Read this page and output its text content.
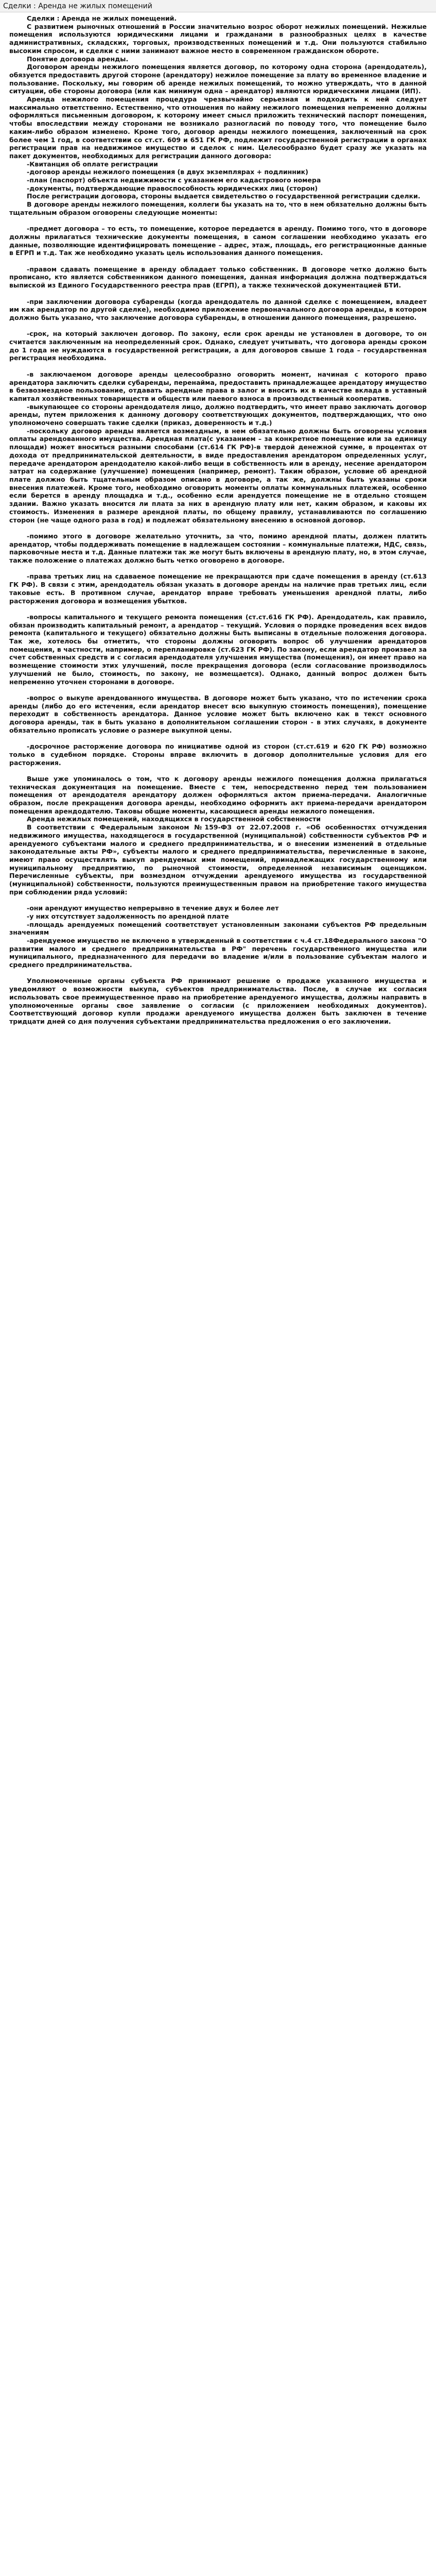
Сделки : Аренда не жилых помещений

Сделки : Аренда не жилых помещений.

С развитием рыночных отношений в России значительно возрос оборот нежилых помещений. Нежилые помещения используются юридическими лицами и гражданами в разнообразных целях в качестве административных, складских, торговых, производственных помещений и т.д. Они пользуются стабильно высоким спросом, и сделки с ними занимают важное место в современном гражданском обороте.

Понятие договора аренды.

Договором аренды нежилого помещения является договор, по которому одна сторона (арендодатель), обязуется предоставить другой стороне (арендатору) нежилое помещение за плату во временное владение и пользование. Поскольку, мы говорим об аренде нежилых помещений, то можно утверждать, что в данной ситуации, обе стороны договора (или как минимум одна – арендатор) являются юридическими лицами (ИП).

Аренда нежилого помещения процедура чрезвычайно серьезная и подходить к ней следует максимально ответственно. Естественно, что отношения по найму нежилого помещения непременно должны оформляться письменным договором, к которому имеет смысл приложить технический паспорт помещения, чтобы впоследствии между сторонами не возникало разногласий по поводу того, что помещение было каким-либо образом изменено. Кроме того, договор аренды нежилого помещения, заключенный на срок более чем 1 год, в соответствии со ст.ст. 609 и 651 ГК РФ, подлежит государственной регистрации в органах регистрации прав на недвижимое имущество и сделок с ним. Целесообразно будет сразу же указать на пакет документов, необходимых для регистрации данного договора:

-Квитанция об оплате регистрации

-договор аренды нежилого помещения (в двух экземплярах + подлинник)

-план (паспорт) объекта недвижимости с указанием его кадастрового номера

-документы, подтверждающие правоспособность юридических лиц (сторон)

После регистрации договора, стороны выдается свидетельство о государственной регистрации сделки.

В договоре аренды нежилого помещения, коллеги бы указать на то, что в нем обязательно должны быть тщательным образом оговорены следующие моменты:

-предмет договора – то есть, то помещение, которое передается в аренду. Помимо того, что в договоре должны прилагаться технические документы помещения, в самом соглашении необходимо указать его данные, позволяющие идентифицировать помещение – адрес, этаж, площадь, его регистрационные данные в ЕГРП и т.д. Так же необходимо указать цель использования данного помещения.

-правом сдавать помещение в аренду обладает только собственник. В договоре четко должно быть прописано, кто является собственником данного помещения, данная информация должна подтверждаться выпиской из Единого Государственного реестра прав (ЕГРП), а также технической документацией БТИ.

-при заключении договора субаренды (когда арендодатель по данной сделке с помещением, владеет им как арендатор по другой сделке), необходимо приложение первоначального договора аренды, в котором должно быть указано, что заключение договора субаренды, в отношении данного помещения, разрешено.

-срок, на который заключен договор. По закону, если срок аренды не установлен в договоре, то он считается заключенным на неопределенный срок. Однако, следует учитывать, что договора аренды сроком до 1 года не нуждаются в государственной регистрации, а для договоров свыше 1 года – государственная регистрация необходима.

-в заключаемом договоре аренды целесообразно оговорить момент, начиная с которого право арендатора заключить сделки субаренды, перенайма, предоставить принадлежащее арендатору имущество в безвозмездное пользование, отдавать арендные права в залог и вносить их в качестве вклада в уставный капитал хозяйственных товариществ и обществ или паевого взноса в производственный кооператив.

-выкупающее со стороны арендодателя лицо, должно подтвердить, что имеет право заключать договор аренды, путем приложения к данному договору соответствующих документов, подтверждающих, что оно уполномочено совершать такие сделки (приказ, доверенность и т.д.)

-поскольку договор аренды является возмездным, в нем обязательно должны быть оговорены условия оплаты арендованного имущества. Арендная плата(с указанием – за конкретное помещение или за единицу площади) может вноситься разными способами (ст.614 ГК РФ)-в твердой денежной сумме, в процентах от дохода от предпринимательской деятельности, в виде предоставления арендатором определенных услуг, передаче арендатором арендодателю какой-либо вещи в собственность или в аренду, несение арендатором затрат на содержание (улучшение) помещения (например, ремонт). Таким образом, условие об арендной плате должно быть тщательным образом описано в договоре, а так же, должны быть указаны сроки внесения платежей. Кроме того, необходимо оговорить моменты оплаты коммунальных платежей, особенно если берется в аренду площадка и т.д., особенно если арендуется помещение не в отдельно стоящем здании. Важно указать вносится ли плата за них в арендную плату или нет, каким образом, и каковы их стоимость. Изменения в размере арендной платы, по общему правилу, устанавливаются по соглашению сторон (не чаще одного раза в год) и подлежат обязательному внесению в основной договор.

-помимо этого в договоре желательно уточнить, за что, помимо арендной платы, должен платить арендатор, чтобы поддерживать помещение в надлежащем состоянии – коммунальные платежи, НДС, связь, парковочные места и т.д. Данные платежи так же могут быть включены в арендную плату, но, в этом случае, также положение о платежах должно быть четко оговорено в договоре.

-права третьих лиц на сдаваемое помещение не прекращаются при сдаче помещения в аренду (ст.613 ГК РФ). В связи с этим, арендодатель обязан указать в договоре аренды на наличие прав третьих лиц, если таковые есть. В противном случае, арендатор вправе требовать уменьшения арендной платы, либо расторжения договора и возмещения убытков.

-вопросы капитального и текущего ремонта помещения (ст.ст.616 ГК РФ). Арендодатель, как правило, обязан производить капитальный ремонт, а арендатор – текущий. Условия о порядке проведения всех видов ремонта (капитального и текущего) обязательно должны быть выписаны в отдельные положения договора. Так же, хотелось бы отметить, что стороны должны оговорить вопрос об улучшении арендаторов помещения, в частности, например, о перепланировке (ст.623 ГК РФ). По закону, если арендатор произвел за счет собственных средств и с согласия арендодателя улучшения имущества (помещения), он имеет право на возмещение стоимости этих улучшений, после прекращения договора (если согласование производилось улучшений не было, стоимость, по закону, не возмещается). Однако, данный вопрос должен быть непременно уточнен сторонами в договоре.

-вопрос о выкупе арендованного имущества. В договоре может быть указано, что по истечении срока аренды (либо до его истечения, если арендатор внесет всю выкупную стоимость помещения), помещение переходит в собственность арендатора. Данное условие может быть включено как в текст основного договора аренды, так в быть указано в дополнительном соглашении сторон - в этих случаях, в документе обязательно прописать условие о размере выкупной цены.

-досрочное расторжение договора по инициативе одной из сторон (ст.ст.619 и 620 ГК РФ) возможно только в судебном порядке. Стороны вправе включить в договор дополнительные условия для его расторжения.

Выше уже упоминалось о том, что к договору аренды нежилого помещения должна прилагаться техническая документация на помещение. Вместе с тем, непосредственно перед тем пользованием помещения от арендодателя арендатору должен оформляться актом приема-передачи. Аналогичные образом, после прекращения договора аренды, необходимо оформить акт приема-передачи арендатором помещения арендодателю. Таковы общие моменты, касающиеся аренды нежилого помещения.

Аренда нежилых помещений, находящихся в государственной собственности

В соответствии с Федеральным законом №159-ФЗ от 22.07.2008 г. «Об особенностях отчуждения недвижимого имущества, находящегося в государственной (муниципальной) собственности субъектов РФ и арендуемого субъектами малого и среднего предпринимательства, и о внесении изменений в отдельные законодательные акты РФ», субъекты малого и среднего предпринимательства, перечисленные в законе, имеют право осуществлять выкуп арендуемых ими помещений, принадлежащих государственному или муниципальному предприятию, по рыночной стоимости, определенной независимым оценщиком. Перечисленные субъекты, при возмездном отчуждении арендуемого имущества из государственной (муниципальной) собственности, пользуются преимущественным правом на приобретение такого имущества при соблюдении ряда условий:

-они арендуют имущество непрерывно в течение двух и более лет

-у них отсутствует задолженность по арендной плате

-площадь арендуемых помещений соответствует установленным законами субъектов РФ предельным значениям

-арендуемое имущество не включено в утвержденный в соответствии с ч.4 ст.18Федерального закона "О развитии малого и среднего предпринимательства в РФ" перечень государственного имущества или муниципального, предназначенного для передачи во владение и/или в пользование субъектам малого и среднего предпринимательства.

Уполномоченные органы субъекта РФ принимают решение о продаже указанного имущества и уведомляют о возможности выкупа, субъектов предпринимательства. После, в случае их согласия использовать свое преимущественное право на приобретение арендуемого имущества, должны направить в уполномоченные органы свое заявление о согласии (с приложением необходимых документов). Соответствующий договор купли продажи арендуемого имущества должен быть заключен в течение тридцати дней со дня получения субъектами предпринимательства предложения о его заключении.
